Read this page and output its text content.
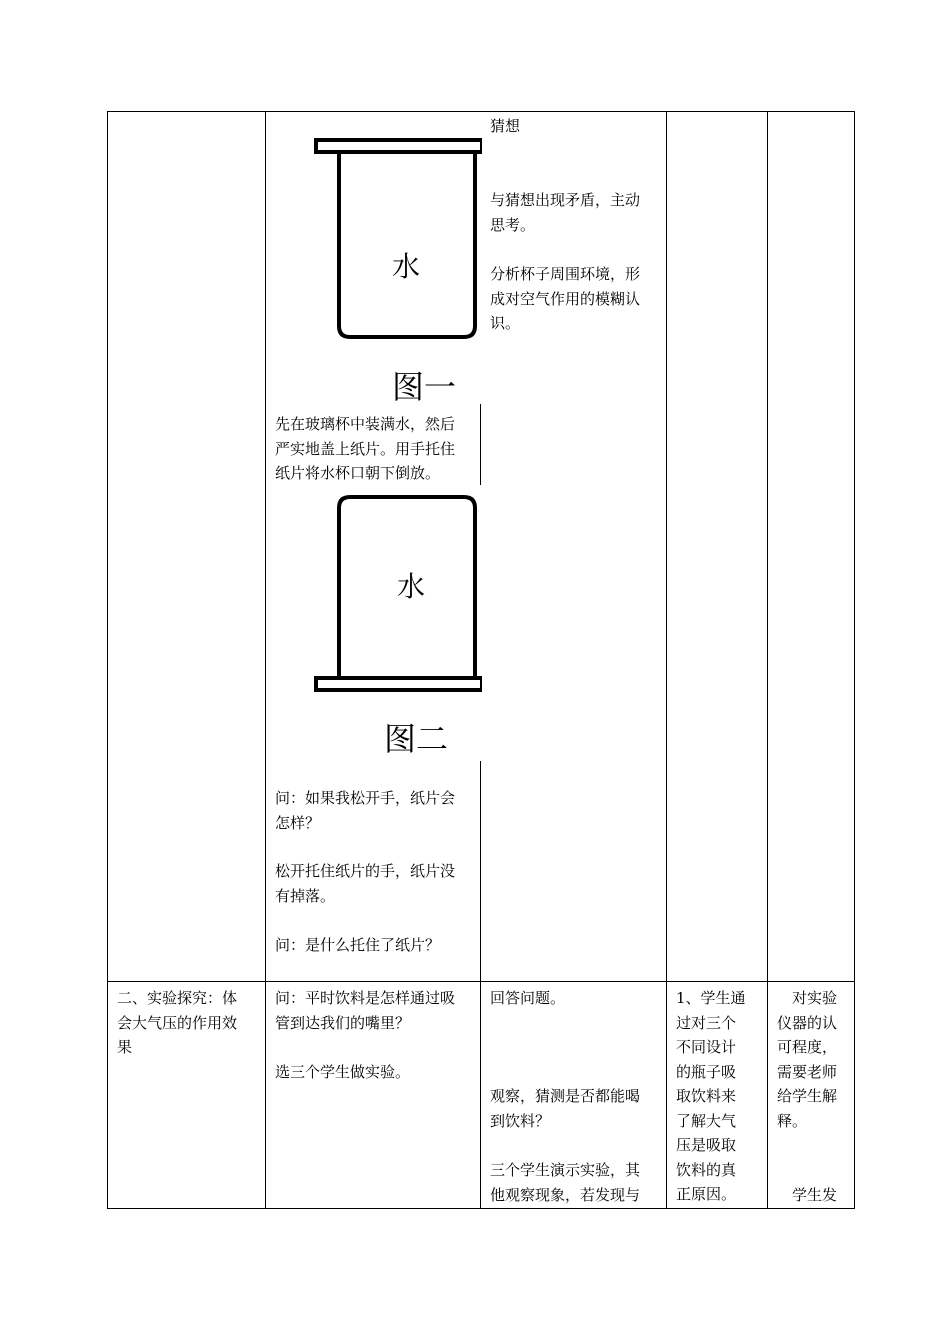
水
图一
先在玻璃杯中装满水，然后
严实地盖上纸片。用手托住
纸片将水杯口朝下倒放。
水
图二
问：如果我松开手，纸片会
怎样？
松开托住纸片的手，纸片没
有掉落。
问：是什么托住了纸片？
猜想
与猜想出现矛盾，主动
思考。
分析杯子周围环境，形
成对空气作用的模糊认
识。
二、实验探究：体
会大气压的作用效
果
问：平时饮料是怎样通过吸
管到达我们的嘴里？
选三个学生做实验。
回答问题。
观察，猜测是否都能喝
到饮料？
三个学生演示实验，其
他观察现象，若发现与
1、学生通
过对三个
不同设计
的瓶子吸
取饮料来
了解大气
压是吸取
饮料的真
正原因。
　对实验
仪器的认
可程度，
需要老师
给学生解
释。
学生发
